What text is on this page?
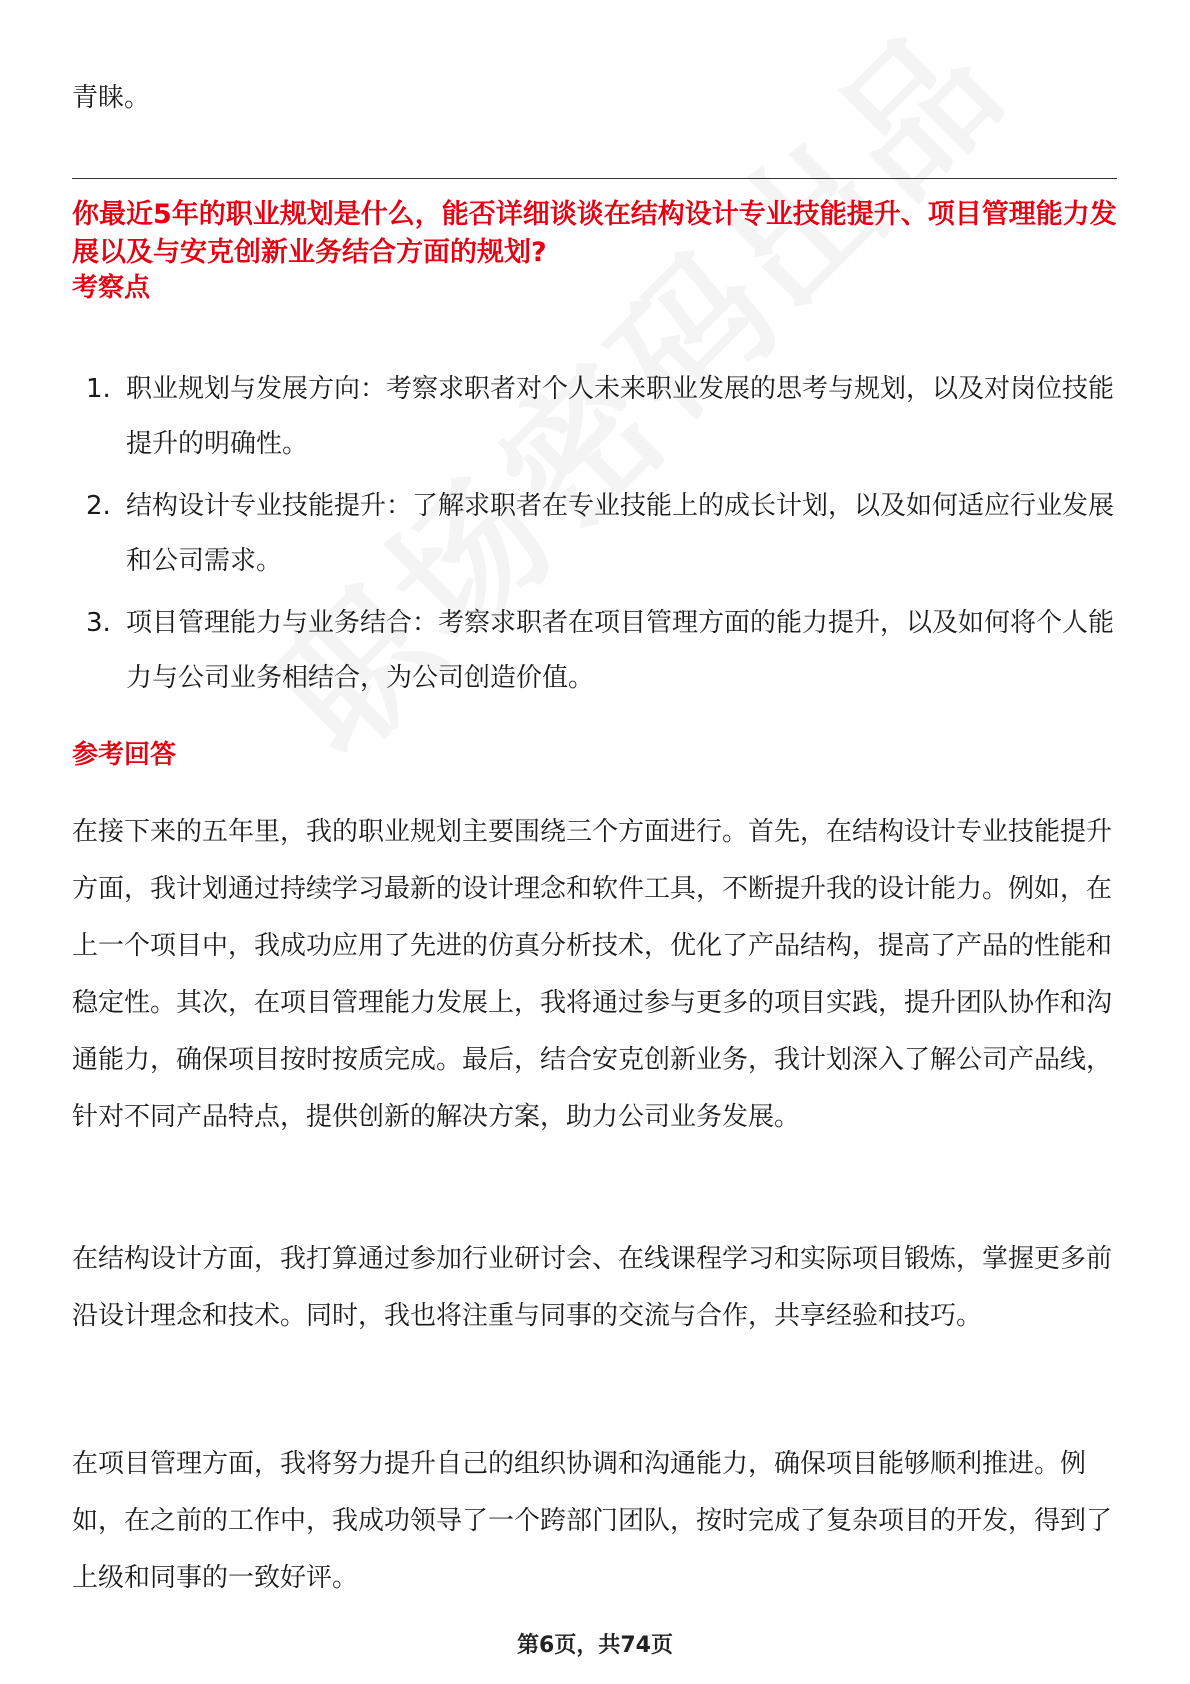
青睐。
你最近5年的职业规划是什么，能否详细谈谈在结构设计专业技能提升、项目管理能力发展以及与安克创新业务结合方面的规划?
考察点
1. 职业规划与发展方向：考察求职者对个人未来职业发展的思考与规划，以及对岗位技能提升的明确性。
2. 结构设计专业技能提升：了解求职者在专业技能上的成长计划，以及如何适应行业发展和公司需求。
3. 项目管理能力与业务结合：考察求职者在项目管理方面的能力提升，以及如何将个人能力与公司业务相结合，为公司创造价值。
参考回答

在接下来的五年里，我的职业规划主要围绕三个方面进行。首先，在结构设计专业技能提升方面，我计划通过持续学习最新的设计理念和软件工具，不断提升我的设计能力。例如，在上一个项目中，我成功应用了先进的仿真分析技术，优化了产品结构，提高了产品的性能和稳定性。其次，在项目管理能力发展上，我将通过参与更多的项目实践，提升团队协作和沟通能力，确保项目按时按质完成。最后，结合安克创新业务，我计划深入了解公司产品线，针对不同产品特点，提供创新的解决方案，助力公司业务发展。

在结构设计方面，我打算通过参加行业研讨会、在线课程学习和实际项目锻炼，掌握更多前沿设计理念和技术。同时，我也将注重与同事的交流与合作，共享经验和技巧。

在项目管理方面，我将努力提升自己的组织协调和沟通能力，确保项目能够顺利推进。例如，在之前的工作中，我成功领导了一个跨部门团队，按时完成了复杂项目的开发，得到了上级和同事的一致好评。

第6页，共74页
